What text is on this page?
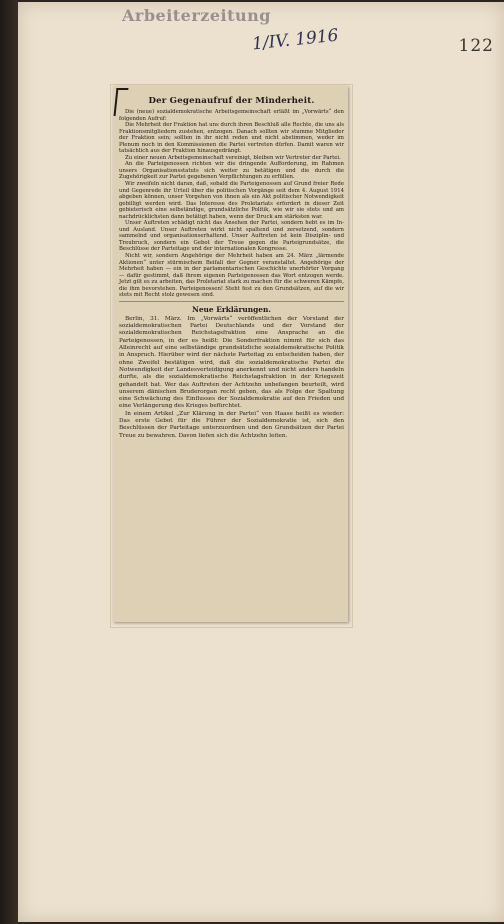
Arbeiterzeitung
1/IV. 1916	122
Der Gegenaufruf der Minderheit.

Die (neue) sozialdemokratische Arbeitsgemeinschaft erläßt im „Vorwärts“ den folgenden Aufruf:

Die Mehrheit der Fraktion hat uns durch ihren Beschluß alle Rechte, die uns als Fraktionsmitgliedern zustehen, entzogen. Danach sollten wir stumme Mitglieder der Fraktion sein; sollten in ihr nicht reden und nicht abstimmen, weder im Plenum noch in den Kommissionen die Partei vertreten dürfen. Damit waren wir tatsächlich aus der Fraktion hinausgedrängt.

Zu einer neuen Arbeitsgemeinschaft vereinigt, bleiben wir Vertreter der Partei.

An die Parteigenossen richten wir die dringende Aufforderung, im Rahmen unsers Organisationsstatuts sich weiter zu betätigen und die durch die Zugehörigkeit zur Partei gegebenen Verpflichtungen zu erfüllen.

Wir zweifeln nicht daran, daß, sobald die Parteigenossen auf Grund freier Rede und Gegenrede ihr Urteil über die politischen Vorgänge seit dem 4. August 1914 abgeben können, unser Vorgehen von ihnen als ein Akt politischer Notwendigkeit gebilligt werden wird. Das Interesse des Proletariats erfordert in dieser Zeit gebieterisch eine selbständige, grundsätzliche Politik, wie wir sie stets und am nachdrücklichsten dann betätigt haben, wenn der Druck am stärksten war.

Unser Auftreten schädigt nicht das Ansehen der Partei, sondern hebt es im In- und Ausland. Unser Auftreten wirkt nicht spaltend und zersetzend, sondern sammelnd und organisationserhaltend. Unser Auftreten ist kein Disziplin- und Treubruch, sondern ein Gebot der Treue gegen die Parteigrundsätze, die Beschlüsse der Parteitage und der internationalen Kongresse.

Nicht wir, sondern Angehörige der Mehrheit haben am 24. März „lärmende Aktionen“ unter stürmischem Beifall der Gegner veranstaltet. Angehörige der Mehrheit haben — ein in der parlamentarischen Geschichte unerhörter Vorgang — dafür gestimmt, daß ihrem eigenen Parteigenossen das Wort entzogen werde. Jetzt gilt es zu arbeiten, das Proletariat stark zu machen für die schweren Kämpfe, die ihm bevorstehen. Parteigenossen! Steht fest zu den Grundsätzen, auf die wir stets mit Recht stolz gewesen sind.

Neue Erklärungen.

Berlin, 31. März. Im „Vorwärts“ veröffentlichen der Vorstand der sozialdemokratischen Partei Deutschlands und der Vorstand der sozialdemokratischen Reichstagsfraktion eine Ansprache an die Parteigenossen, in der es heißt: Die Sonderfraktion nimmt für sich das Alleinrecht auf eine selbständige grundsätzliche sozialdemokratische Politik in Anspruch. Hierüber wird der nächste Parteitag zu entscheiden haben, der ohne Zweifel bestätigen wird, daß die sozialdemokratische Partei die Notwendigkeit der Landesverteidigung anerkennt und nicht anders handeln durfte, als die sozialdemokratische Reichstagsfraktion in der Kriegszeit gehandelt hat. Wer das Auftreten der Achtzehn unbefangen beurteilt, wird unserem dänischen Bruderorgan recht geben, das als Folge der Spaltung eine Schwächung des Einflusses der Sozialdemokratie auf den Frieden und eine Verlängerung des Krieges befürchtet.

In einem Artikel „Zur Klärung in der Partei“ von Haase heißt es wieder: Das erste Gebot für die Führer der Sozialdemokratie ist, sich den Beschlüssen der Parteitage unterzuordnen und den Grundsätzen der Partei Treue zu bewahren. Davon liefen sich die Achtzehn leiten.
